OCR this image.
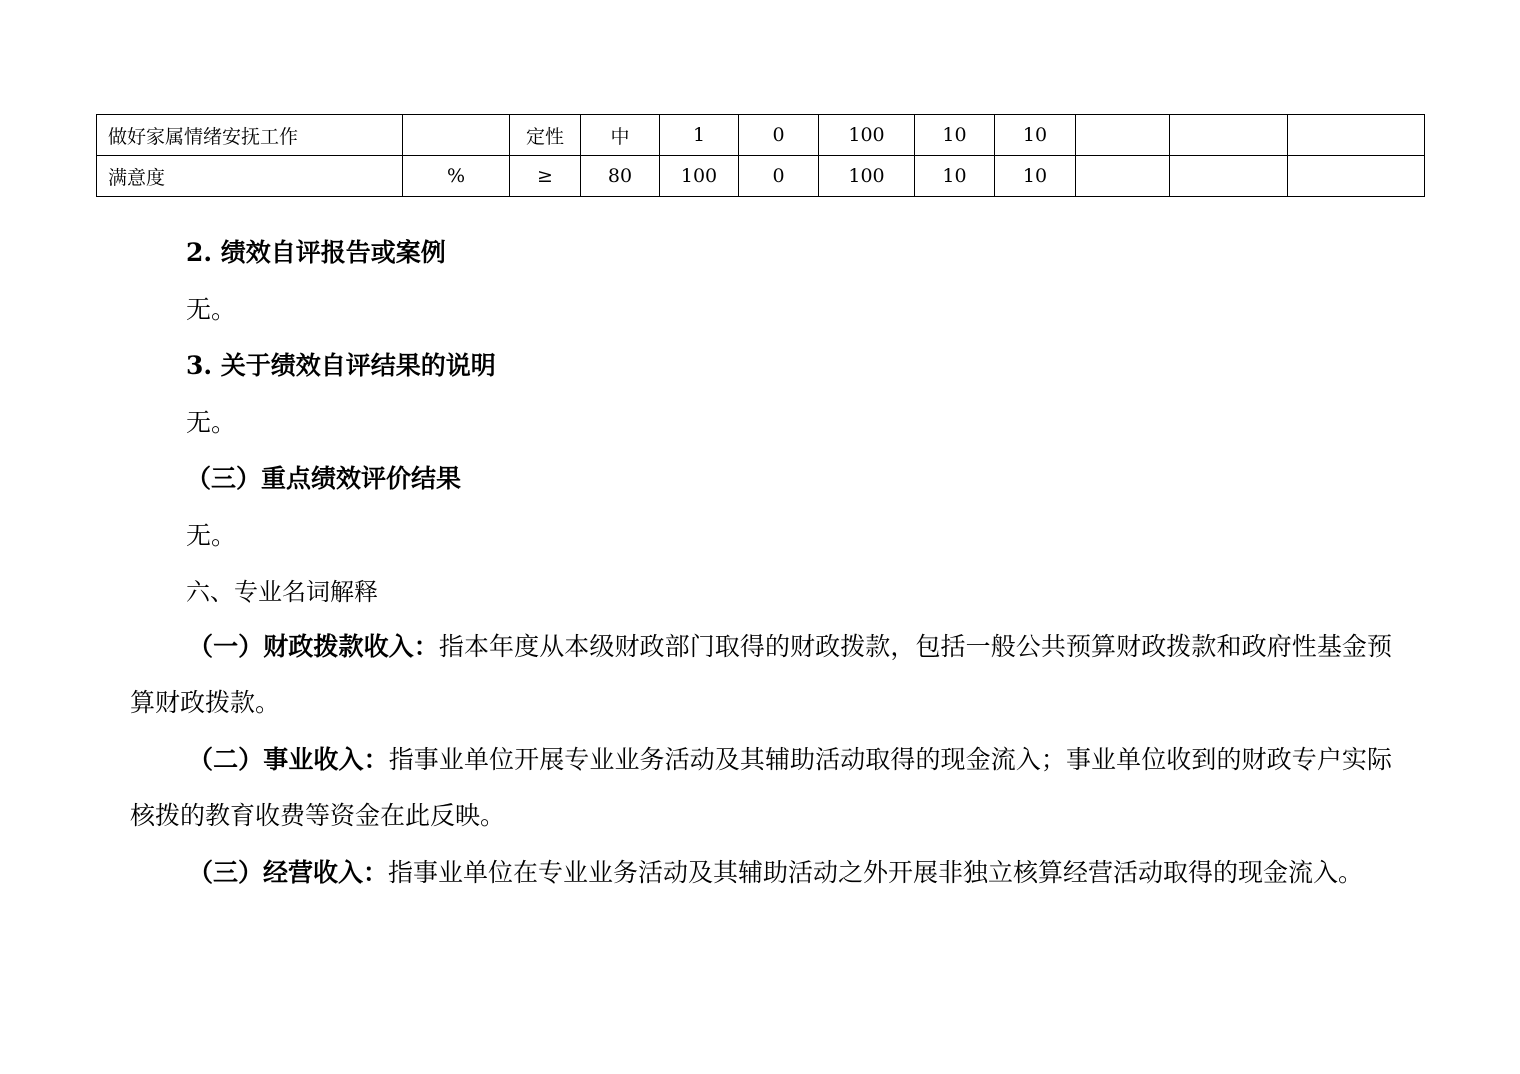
做好家属情绪安抚工作		定性	中	1	0	100	10	10			
满意度	%	≥	80	100	0	100	10	10			
2. 绩效自评报告或案例
无。
3. 关于绩效自评结果的说明
无。
（三）重点绩效评价结果
无。
六、专业名词解释
（一）财政拨款收入：指本年度从本级财政部门取得的财政拨款，包括一般公共预算财政拨款和政府性基金预算财政拨款。
（二）事业收入：指事业单位开展专业业务活动及其辅助活动取得的现金流入；事业单位收到的财政专户实际核拨的教育收费等资金在此反映。
（三）经营收入：指事业单位在专业业务活动及其辅助活动之外开展非独立核算经营活动取得的现金流入。
